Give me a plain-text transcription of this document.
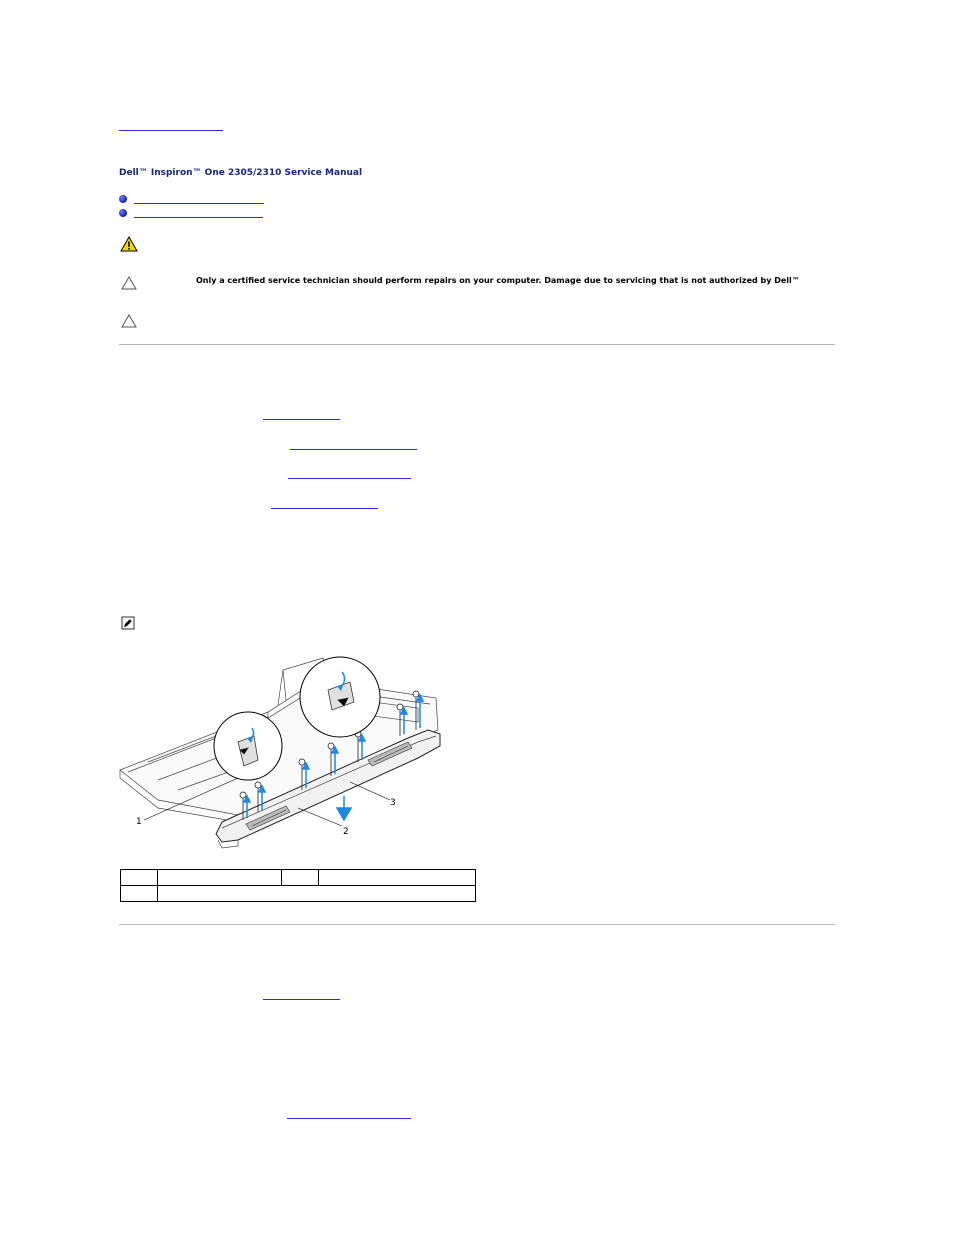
Dell™ Inspiron™ One 2305/2310 Service Manual
Only a certified service technician should perform repairs on your computer. Damage due to servicing that is not authorized by Dell™
1
2
3
